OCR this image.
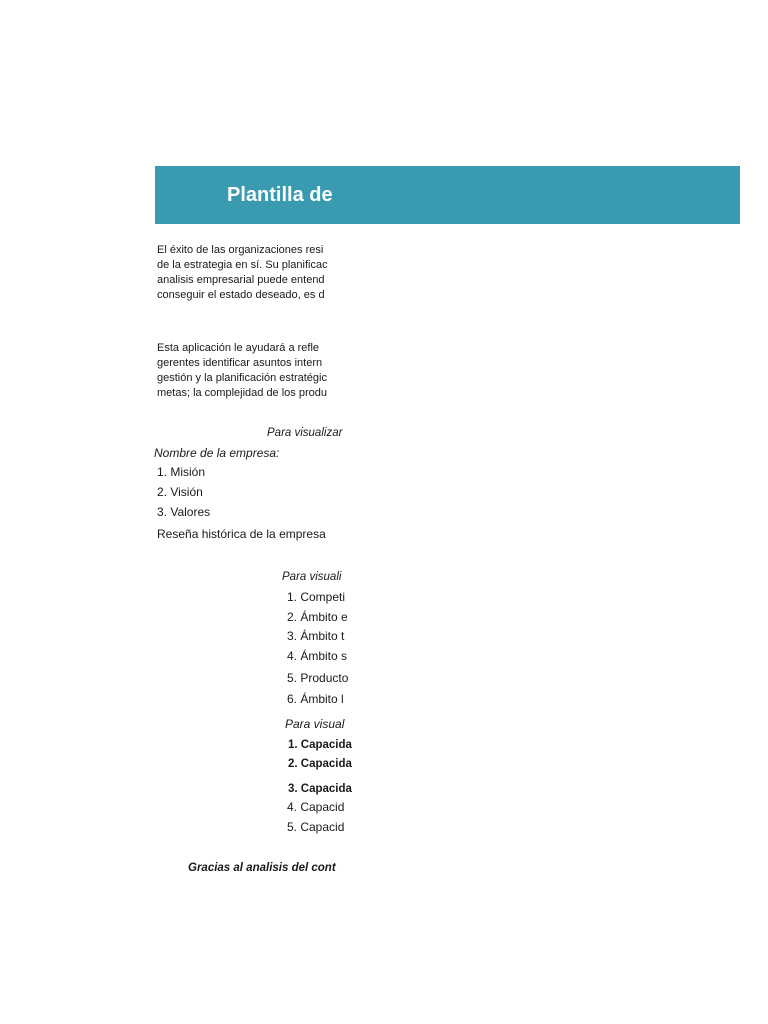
Plantilla de
El éxito de las organizaciones resi
de la estrategia en sí. Su planificac
analisis empresarial puede entend
conseguir el estado deseado, es d
Esta aplicación le ayudará a refle
gerentes identificar asuntos intern
gestión y la planificación estratégic
metas; la complejidad de los produ
Para visualizar
Nombre de la empresa:
1. Misión
2. Visión
3. Valores
Reseña histórica de la empresa
Para visuali
1. Competi
2. Ámbito e
3. Ámbito t
4. Ámbito s
5. Producto
6. Ámbito l
Para visual
1. Capacida
2. Capacida
3. Capacida
4. Capacid
5. Capacid
Gracias al analisis del cont
